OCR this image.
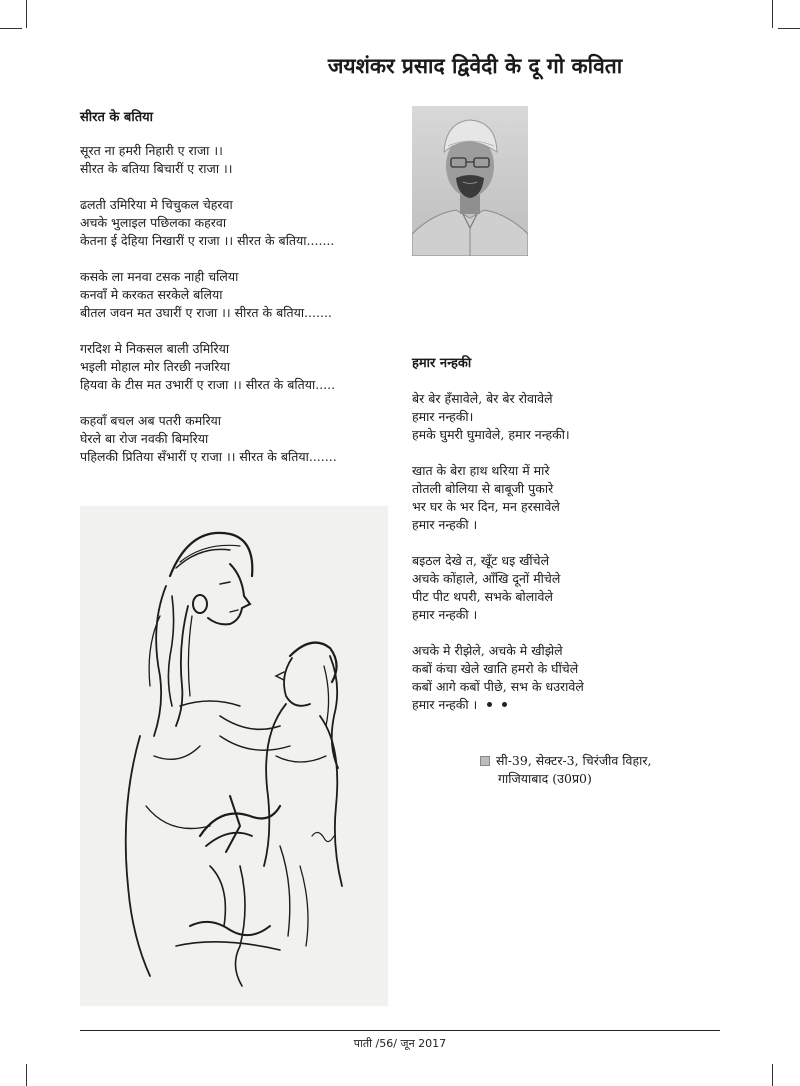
जयशंकर प्रसाद द्विवेदी के दू गो कविता
सीरत के बतिया
सूरत ना हमरी निहारी ए राजा ।।
सीरत के बतिया बिचारीं ए राजा ।।
ढलती उमिरिया मे चिचुकल चेहरवा
अचके भुलाइल पछिलका कहरवा
केतना ई देहिया निखारीं ए राजा ।। सीरत के बतिया.......
कसके ला मनवा टसक नाही चलिया
कनवाँ मे करकत सरकेले बलिया
बीतल जवन मत उघारीं ए राजा ।। सीरत के बतिया.......
गरदिश मे निकसल बाली उमिरिया
भइली मोहाल मोर तिरछी नजरिया
हियवा के टीस मत उभारीं ए राजा ।। सीरत के बतिया.....
कहवाँ बचल अब पतरी कमरिया
घेरले बा रोज नवकी बिमरिया
पहिलकी प्रितिया सँभारीं ए राजा ।। सीरत के बतिया.......
हमार नन्हकी
बेर बेर हँसावेले, बेर बेर रोवावेले
हमार नन्हकी।
हमके घुमरी घुमावेले, हमार नन्हकी।
खात के बेरा हाथ थरिया में मारे
तोतली बोलिया से बाबूजी पुकारे
भर घर के भर दिन, मन हरसावेले
हमार नन्हकी ।
बइठल देखे त, खूँट धइ खींचेले
अचके कोंहाले, आँखि दूनों मीचेले
पीट पीट थपरी, सभके बोलावेले
हमार नन्हकी ।
अचके मे रीझेले, अचके मे खीझेले
कबों कंचा खेले खाति हमरो के घींचेले
कबों आगे कबों पीछे, सभ के धउरावेले
हमार नन्हकी ।
सी-39, सेक्टर-3, चिरंजीव विहार,
गाजियाबाद (उ0प्र0)
पाती /56/ जून 2017
